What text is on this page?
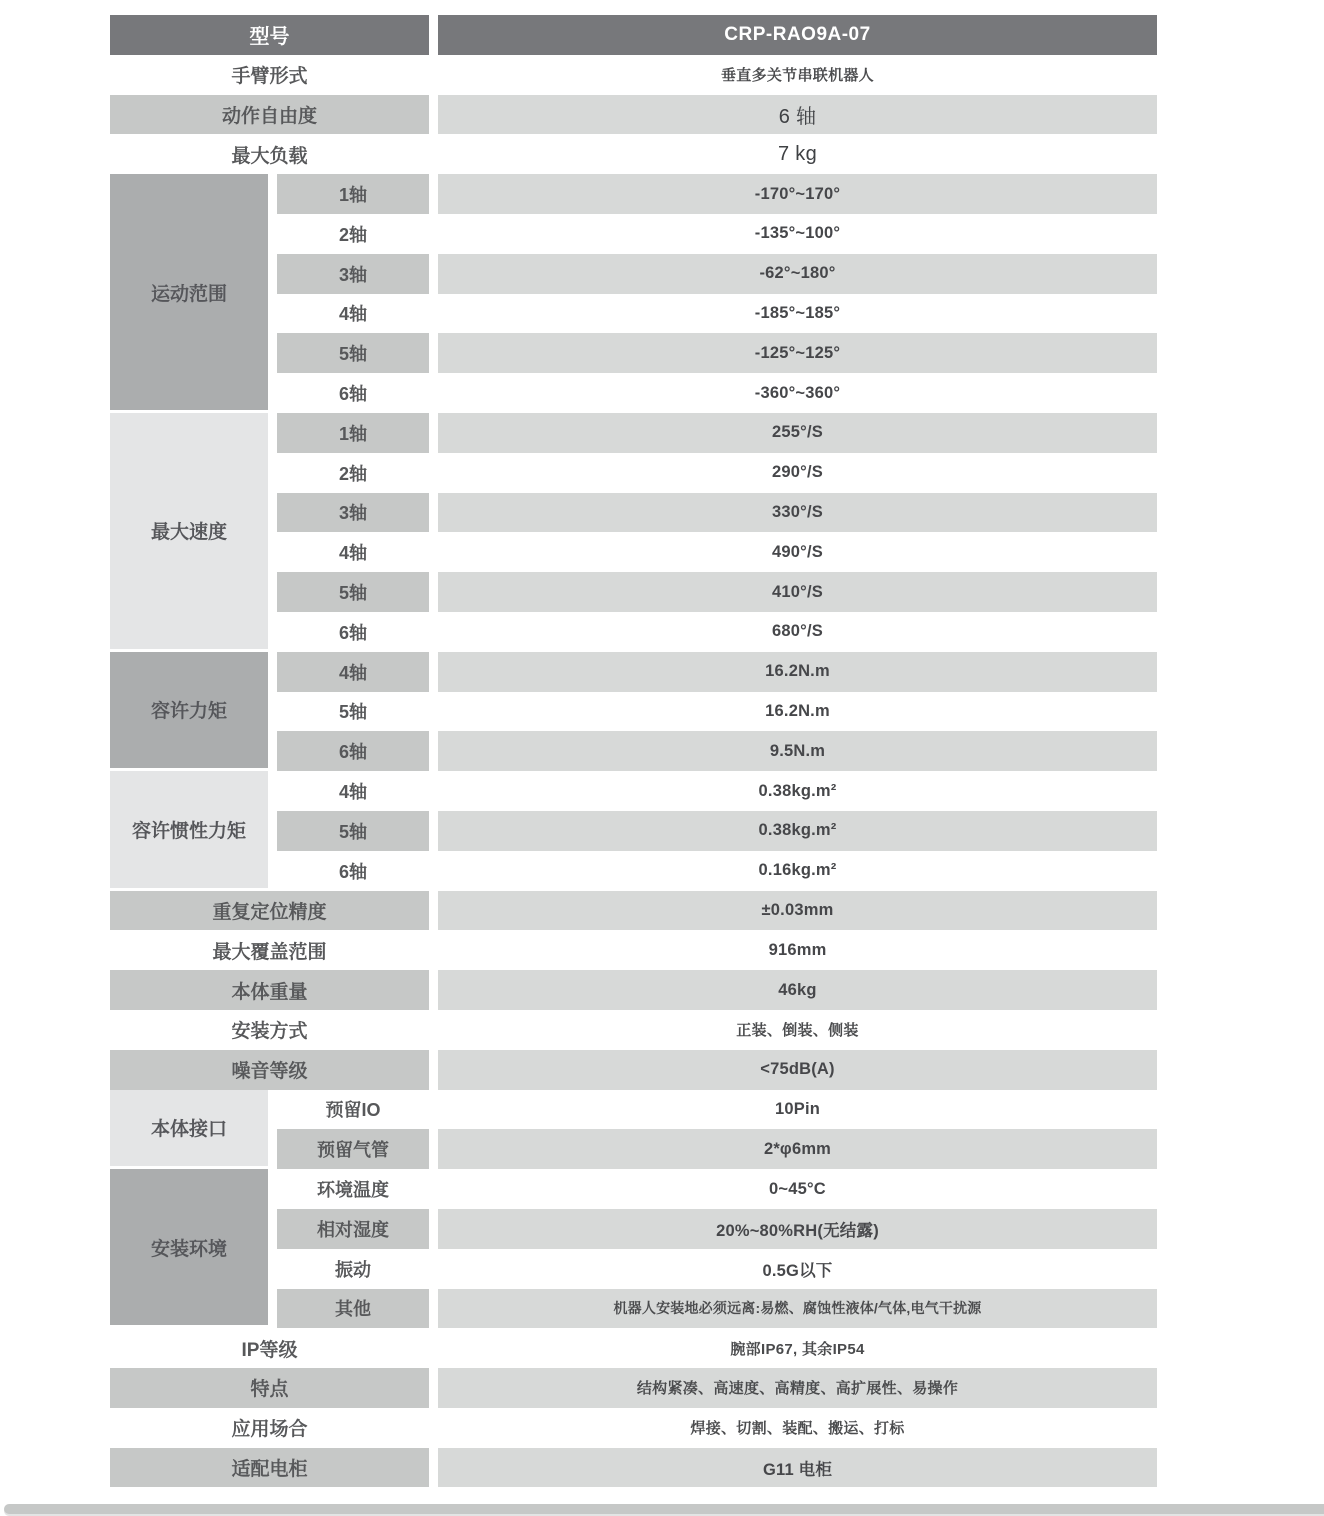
型号	CRP-RAO9A-07
手臂形式	垂直多关节串联机器人
动作自由度	6 轴
最大负载	7 kg
运动范围
1轴	-170°~170°
2轴	-135°~100°
3轴	-62°~180°
4轴	-185°~185°
5轴	-125°~125°
6轴	-360°~360°
最大速度
1轴	255°/S
2轴	290°/S
3轴	330°/S
4轴	490°/S
5轴	410°/S
6轴	680°/S
容许力矩
4轴	16.2N.m
5轴	16.2N.m
6轴	9.5N.m
容许惯性力矩
4轴	0.38kg.m²
5轴	0.38kg.m²
6轴	0.16kg.m²
重复定位精度	±0.03mm
最大覆盖范围	916mm
本体重量	46kg
安装方式	正装、倒装、侧装
噪音等级	<75dB(A)
本体接口
预留IO	10Pin
预留气管	2*φ6mm
安装环境
环境温度	0~45°C
相对湿度	20%~80%RH(无结露)
振动	0.5G以下
其他	机器人安装地必须远离:易燃、腐蚀性液体/气体,电气干扰源
IP等级	腕部IP67, 其余IP54
特点	结构紧凑、高速度、高精度、高扩展性、易操作
应用场合	焊接、切割、装配、搬运、打标
适配电柜	G11 电柜
